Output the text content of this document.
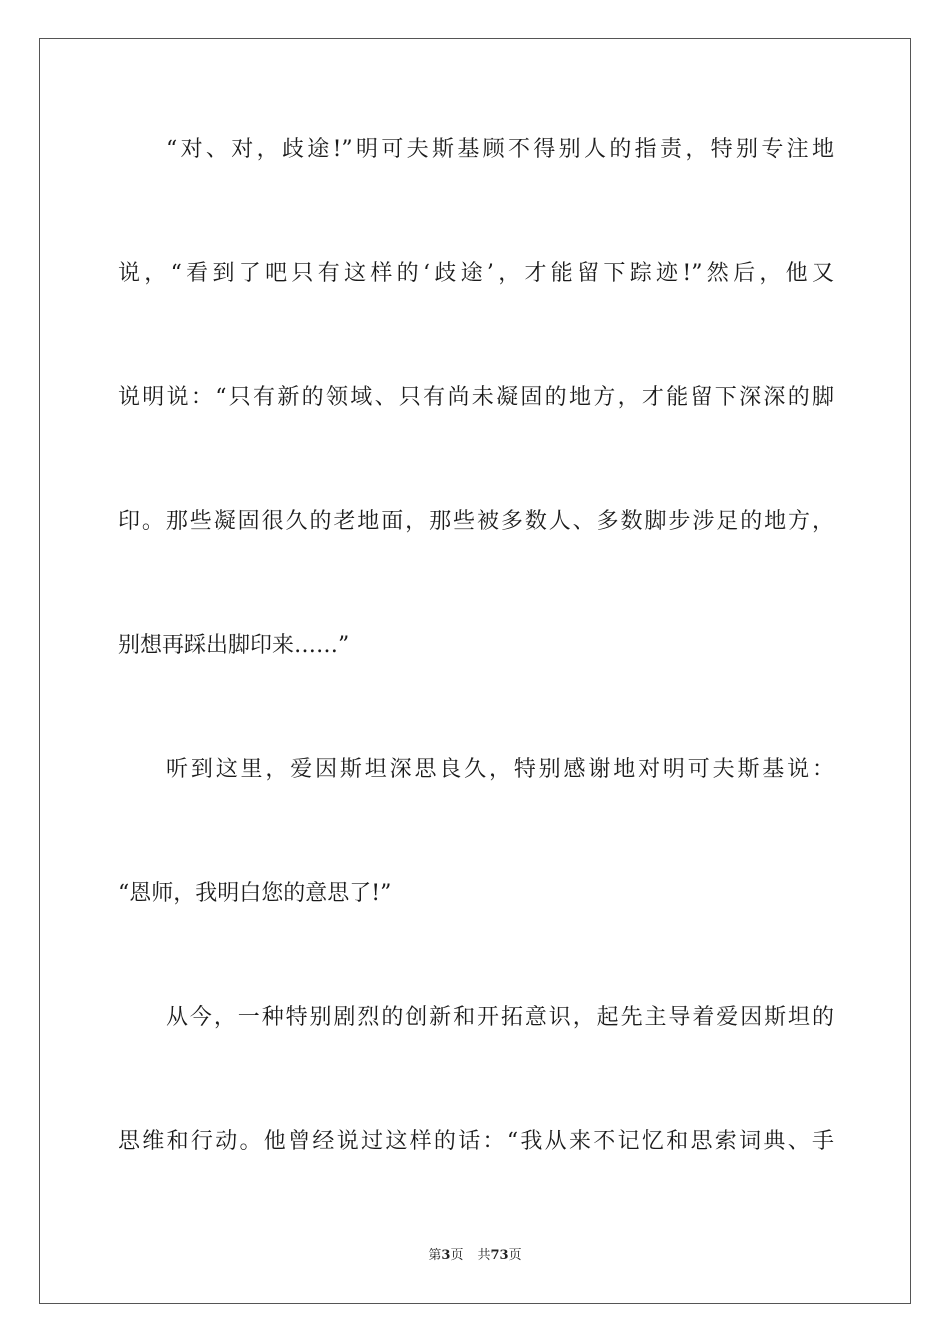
“对、对，歧途!”明可夫斯基顾不得别人的指责，特别专注地
说，“看到了吧只有这样的‘歧途’，才能留下踪迹!”然后，他又
说明说：“只有新的领域、只有尚未凝固的地方，才能留下深深的脚
印。那些凝固很久的老地面，那些被多数人、多数脚步涉足的地方，
别想再踩出脚印来……”
听到这里，爱因斯坦深思良久，特别感谢地对明可夫斯基说：
“恩师，我明白您的意思了!”
从今，一种特别剧烈的创新和开拓意识，起先主导着爱因斯坦的
思维和行动。他曾经说过这样的话：“我从来不记忆和思索词典、手
第3页 共73页
